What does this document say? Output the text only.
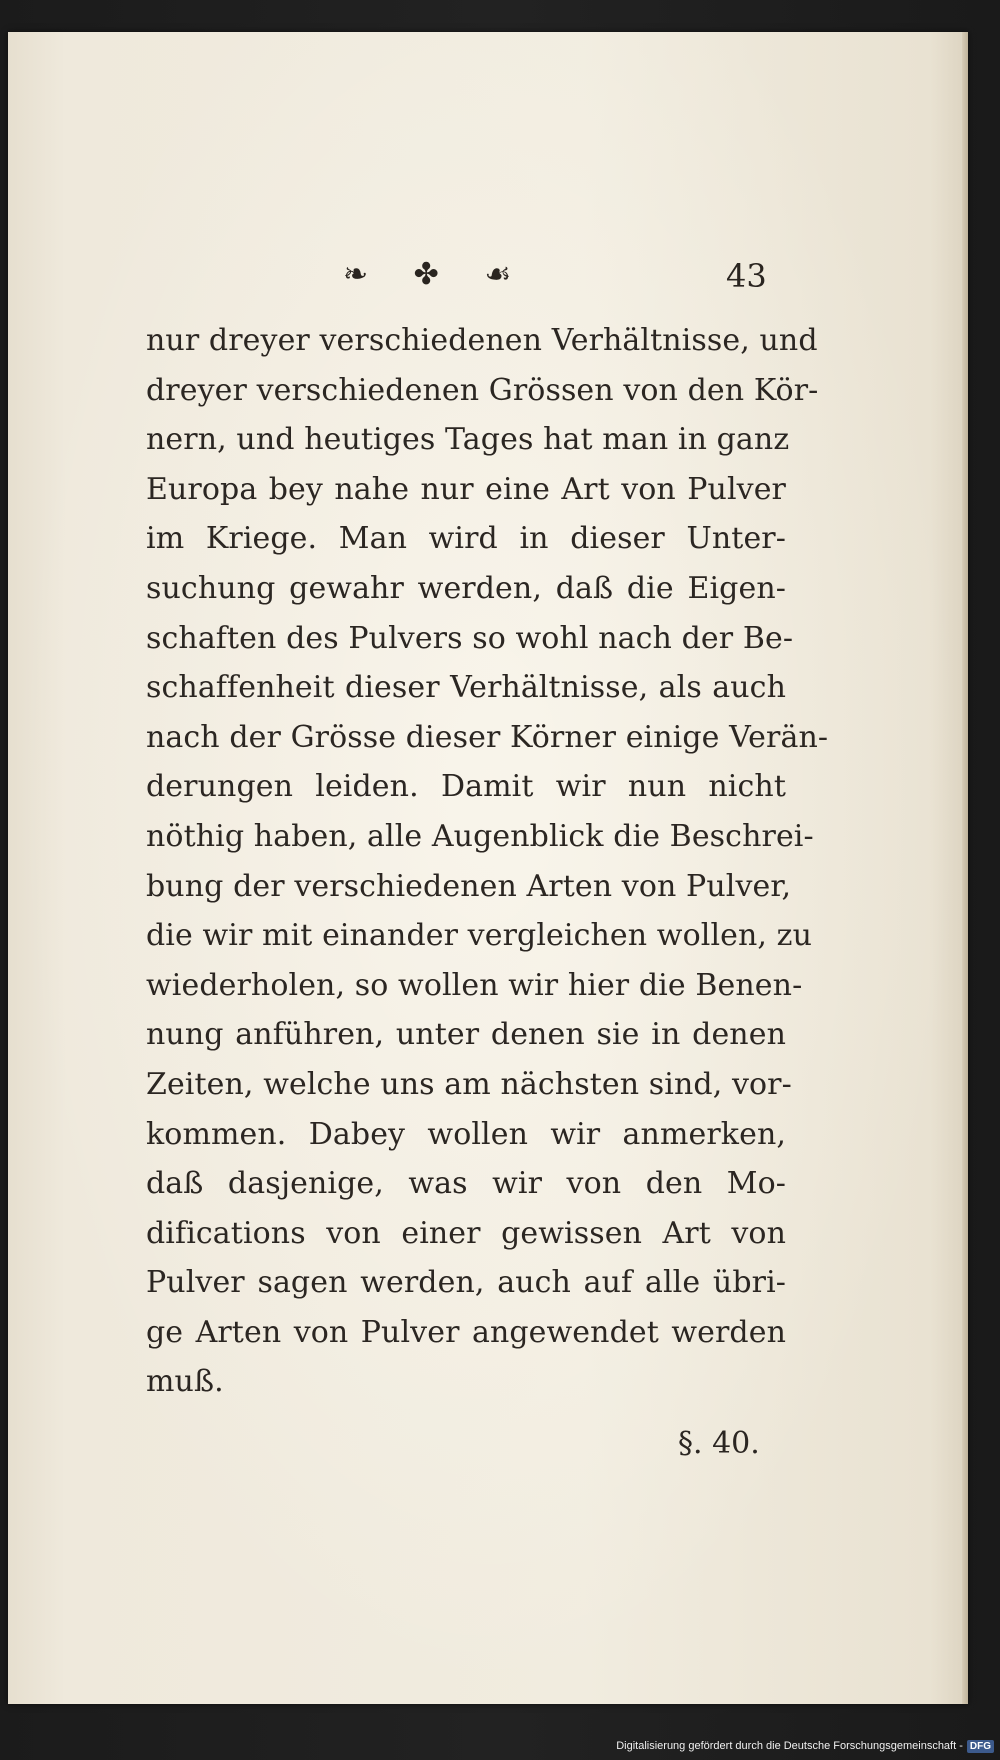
❧ ✤ ☙	43
nur dreyer verschiedenen Verhältnisse, und
dreyer verschiedenen Grössen von den Kör-
nern, und heutiges Tages hat man in ganz
Europa bey nahe nur eine Art von Pulver
im Kriege. Man wird in dieser Unter-
suchung gewahr werden, daß die Eigen-
schaften des Pulvers so wohl nach der Be-
schaffenheit dieser Verhältnisse, als auch
nach der Grösse dieser Körner einige Verän-
derungen leiden. Damit wir nun nicht
nöthig haben, alle Augenblick die Beschrei-
bung der verschiedenen Arten von Pulver,
die wir mit einander vergleichen wollen, zu
wiederholen, so wollen wir hier die Benen-
nung anführen, unter denen sie in denen
Zeiten, welche uns am nächsten sind, vor-
kommen. Dabey wollen wir anmerken,
daß dasjenige, was wir von den Mo-
difications von einer gewissen Art von
Pulver sagen werden, auch auf alle übri-
ge Arten von Pulver angewendet werden
muß.
§. 40.
Digitalisierung gefördert durch die Deutsche Forschungsgemeinschaft - DFG
